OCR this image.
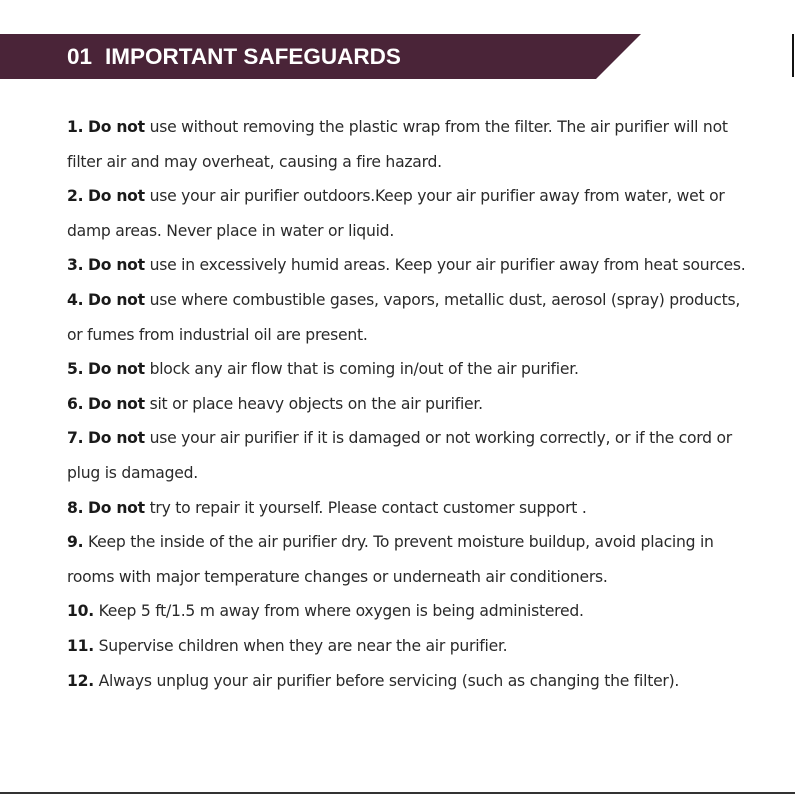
01 IMPORTANT SAFEGUARDS
1. Do not use without removing the plastic wrap from the filter. The air purifier will not filter air and may overheat, causing a fire hazard.
2. Do not use your air purifier outdoors.Keep your air purifier away from water, wet or damp areas. Never place in water or liquid.
3. Do not use in excessively humid areas. Keep your air purifier away from heat sources.
4. Do not use where combustible gases, vapors, metallic dust, aerosol (spray) products, or fumes from industrial oil are present.
5. Do not block any air flow that is coming in/out of the air purifier.
6. Do not sit or place heavy objects on the air purifier.
7. Do not use your air purifier if it is damaged or not working correctly, or if the cord or plug is damaged.
8. Do not try to repair it yourself. Please contact customer support .
9. Keep the inside of the air purifier dry. To prevent moisture buildup, avoid placing in rooms with major temperature changes or underneath air conditioners.
10. Keep 5 ft/1.5 m away from where oxygen is being administered.
11. Supervise children when they are near the air purifier.
12. Always unplug your air purifier before servicing (such as changing the filter).
